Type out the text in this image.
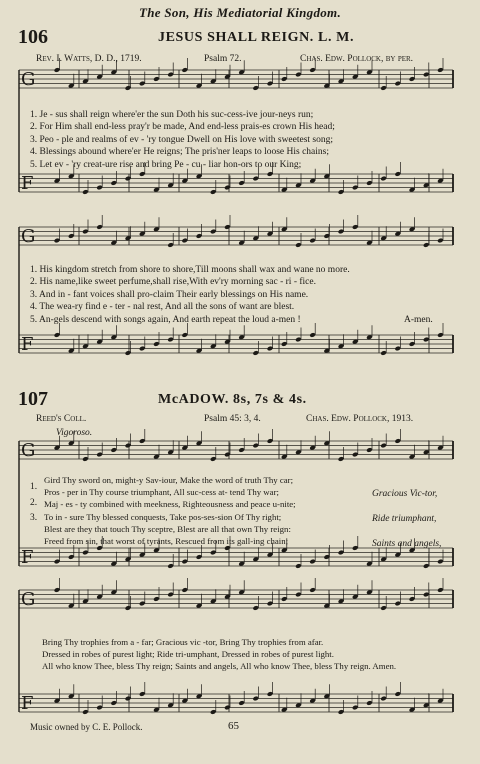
G
F
G
F
G
F
G
F
The Son, His Mediatorial Kingdom.
106	JESUS SHALL REIGN. L. M.
Rev. I. Watts, D. D., 1719.	Psalm 72.	Chas. Edw. Pollock, by per.
1. Je - sus shall reign where'er the sun Doth his suc-cess-ive jour-neys run;
2. For Him shall end-less pray'r be made, And end-less prais-es crown His head;
3. Peo - ple and realms of ev - 'ry tongue Dwell on His love with sweetest song;
4. Blessings abound where'er He reigns; The pris'ner leaps to loose His chains;
5. Let ev - 'ry creat-ure rise and bring Pe - cu - liar hon-ors to our King;
1. His kingdom stretch from shore to shore,Till moons shall wax and wane no more.
2. His name,like sweet perfume,shall rise,With ev'ry morning sac - ri - fice.
3. And in - fant voices shall pro-claim Their early blessings on His name.
4. The wea-ry find e - ter - nal rest, And all the sons of want are blest.
5. An-gels descend with songs again, And earth repeat the loud a-men !	A-men.
107	McADOW. 8s, 7s & 4s.
Reed's Coll.	Psalm 45: 3, 4.	Chas. Edw. Pollock, 1913.
Vigoroso.
1.
2.
3.
Gird Thy sword on, might-y Sav-iour, Make the word of truth Thy car;
Pros - per in Thy course triumphant, All suc-cess at- tend Thy war;
Maj - es - ty combined with meekness, Righteousness and peace u-nite;
To in - sure Thy blessed conquests, Take pos-ses-sion Of Thy right;
Blest are they that touch Thy sceptre, Blest are all that own Thy reign:
Freed from sin, that worst of tyrants, Rescued from its gall-ing chain;
Gracious Vic-tor,
Ride triumphant,
Saints and angels,
Bring Thy trophies from a - far; Gracious vic -tor, Bring Thy trophies from afar.
Dressed in robes of purest light; Ride tri-umphant, Dressed in robes of purest light.
All who know Thee, bless Thy reign; Saints and angels, All who know Thee, bless Thy reign. Amen.
Music owned by C. E. Pollock.	65
